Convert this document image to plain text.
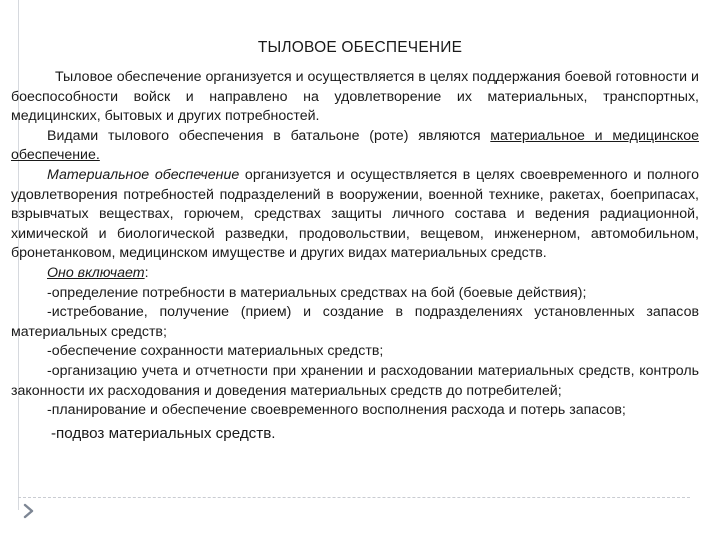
ТЫЛОВОЕ ОБЕСПЕЧЕНИЕ

Тыловое обеспечение организуется и осуществляется в целях поддержания боевой готовности и боеспособности войск и направлено на удовлетворение их материальных, транспортных, медицинских, бытовых и других потребностей.

Видами тылового обеспечения в батальоне (роте) являются материальное и медицинское обеспечение.

Материальное обеспечение организуется и осуществляется в целях своевременного и полного удовлетворения потребностей подразделений в вооружении, военной технике, ракетах, боеприпасах, взрывчатых веществах, горючем, средствах защиты личного состава и ведения радиационной, химической и биологической разведки, продовольствии, вещевом, инженерном, автомобильном, бронетанковом, медицинском имуществе и других видах материальных средств.

Оно включает:

-определение потребности в материальных средствах на бой (боевые действия);

-истребование, получение (прием) и создание в подразделениях установленных запасов материальных средств;

-обеспечение сохранности материальных средств;

-организацию учета и отчетности при хранении и расходовании материальных средств, контроль законности их расходования и доведения материальных средств до потребителей;

-планирование и обеспечение своевременного восполнения расхода и потерь запасов;

-подвоз материальных средств.
